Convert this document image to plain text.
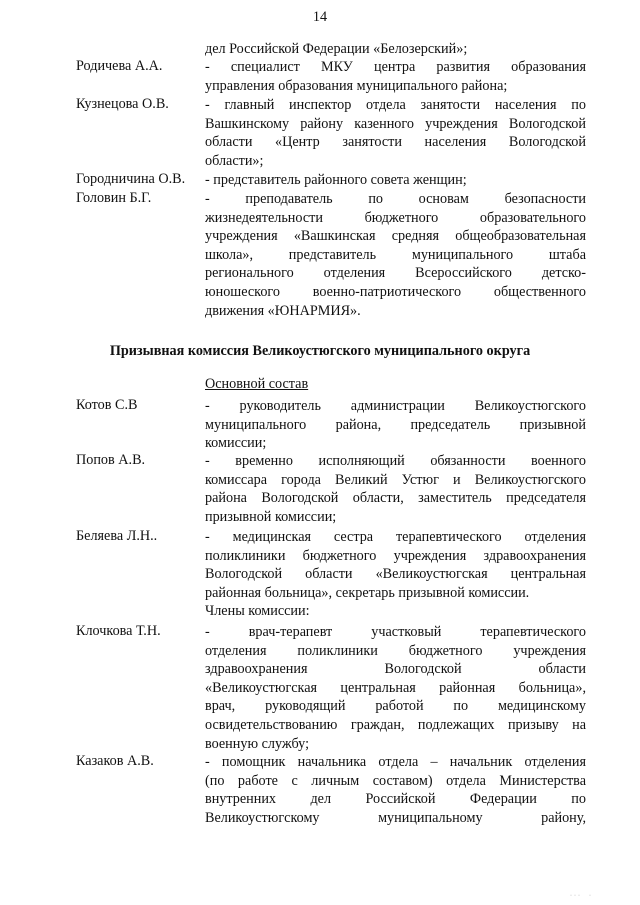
14
дел Российской Федерации «Белозерский»;
Родичева А.А.	- специалист МКУ центра развития образования
управления образования муниципального района;
Кузнецова О.В.	- главный инспектор отдела занятости населения по
Вашкинскому району казенного учреждения Вологодской
области «Центр занятости населения Вологодской
области»;
Городничина О.В. - представитель районного совета женщин;
Головин Б.Г.	- преподаватель по основам безопасности
жизнедеятельности бюджетного образовательного
учреждения «Вашкинская средняя общеобразовательная
школа», представитель муниципального штаба
регионального отделения Всероссийского детско-
юношеского военно-патриотического общественного
движения «ЮНАРМИЯ».
Призывная комиссия Великоустюгского муниципального округа
Основной состав
Котов С.В	- руководитель администрации Великоустюгского
муниципального района, председатель призывной
комиссии;
Попов А.В.	- временно исполняющий обязанности военного
комиссара города Великий Устюг и Великоустюгского
района Вологодской области, заместитель председателя
призывной комиссии;
Беляева Л.Н..	- медицинская сестра терапевтического отделения
поликлиники бюджетного учреждения здравоохранения
Вологодской области «Великоустюгская центральная
районная больница», секретарь призывной комиссии.
Члены комиссии:
Клочкова Т.Н.	- врач-терапевт участковый терапевтического
отделения поликлиники бюджетного учреждения
здравоохранения Вологодской области
«Великоустюгская центральная районная больница»,
врач, руководящий работой по медицинскому
освидетельствованию граждан, подлежащих призыву на
военную службу;
Казаков А.В.	- помощник начальника отдела – начальник отделения
(по работе с личным составом) отдела Министерства
внутренних дел Российской Федерации по
Великоустюгскому муниципальному району,
···  ·
